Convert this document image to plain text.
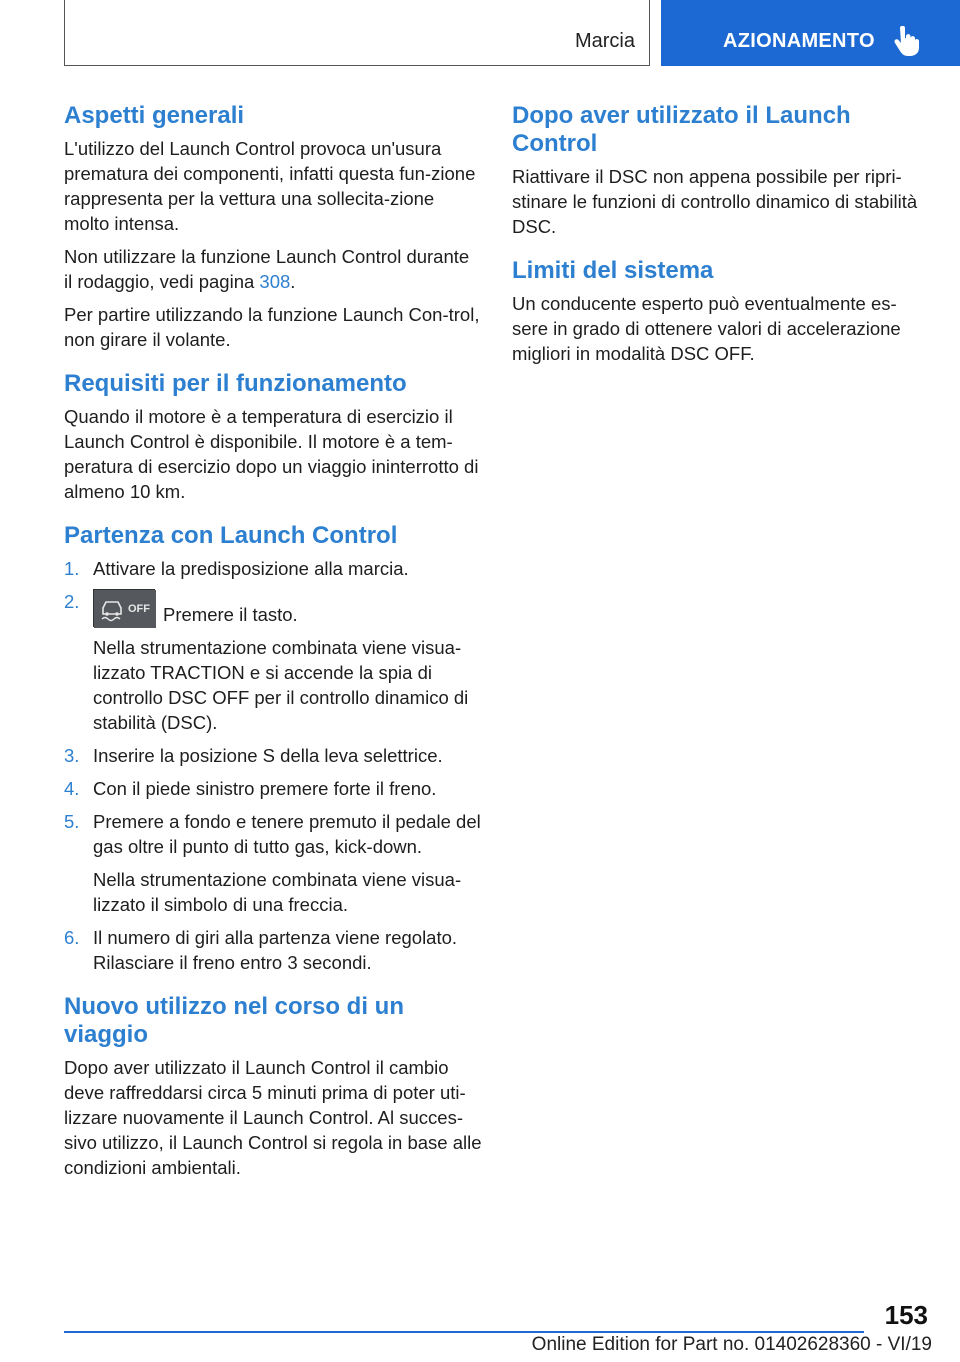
Marcia	AZIONAMENTO
Aspetti generali

L'utilizzo del Launch Control provoca un'usura prematura dei componenti, infatti questa fun-zione rappresenta per la vettura una sollecita-zione molto intensa.

Non utilizzare la funzione Launch Control durante il rodaggio, vedi pagina 308.

Per partire utilizzando la funzione Launch Con-trol, non girare il volante.

Requisiti per il funzionamento

Quando il motore è a temperatura di esercizio il Launch Control è disponibile. Il motore è a tem-peratura di esercizio dopo un viaggio ininterrotto di almeno 10 km.

Partenza con Launch Control
1. Attivare la predisposizione alla marcia.

2.	OFF Premere il tasto.

Nella strumentazione combinata viene visua-lizzato TRACTION e si accende la spia di controllo DSC OFF per il controllo dinamico di stabilità (DSC).

3. Inserire la posizione S della leva selettrice.

4. Con il piede sinistro premere forte il freno.

5. Premere a fondo e tenere premuto il pedale del gas oltre il punto di tutto gas, kick-down.

Nella strumentazione combinata viene visua-lizzato il simbolo di una freccia.

6. Il numero di giri alla partenza viene regolato. Rilasciare il freno entro 3 secondi.

Nuovo utilizzo nel corso di un viaggio

Dopo aver utilizzato il Launch Control il cambio deve raffreddarsi circa 5 minuti prima di poter uti-lizzare nuovamente il Launch Control. Al succes-sivo utilizzo, il Launch Control si regola in base alle condizioni ambientali.

Dopo aver utilizzato il Launch Control

Riattivare il DSC non appena possibile per ripri-stinare le funzioni di controllo dinamico di stabilità DSC.

Limiti del sistema

Un conducente esperto può eventualmente es-sere in grado di ottenere valori di accelerazione migliori in modalità DSC OFF.

153
Online Edition for Part no. 01402628360 - VI/19
